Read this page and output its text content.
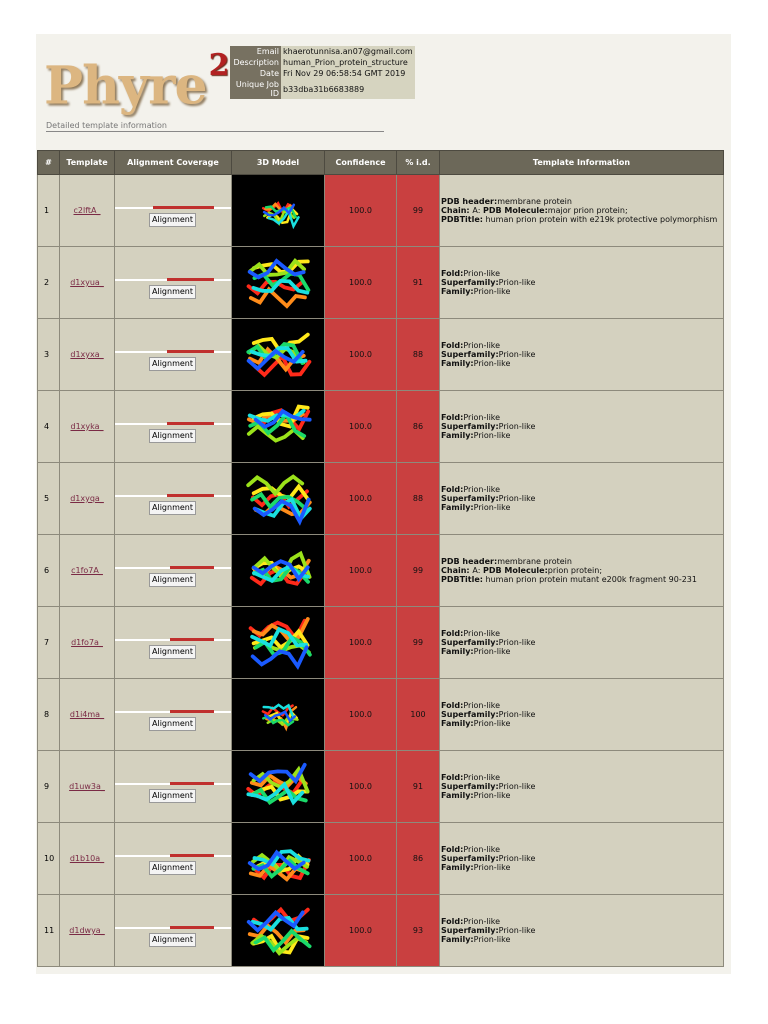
Phyre$^2$	Email	khaerotunnisa.an07@gmail.com
Description	human_Prion_protein_structure
Date	Fri Nov 29 06:58:54 GMT 2019
Unique Job ID	b33dba31b6683889
Detailed template information
#	Template	Alignment Coverage	3D Model	Confidence	% i.d.	Template Information
1	c2lftA_	Alignment		100.0	99	PDB header:membrane protein
Chain: A: PDB Molecule:major prion protein;
PDBTitle: human prion protein with e219k protective polymorphism

2	d1xyua_	Alignment		100.0	91	Fold:Prion-like
Superfamily:Prion-like
Family:Prion-like

3	d1xyxa_	Alignment		100.0	88	Fold:Prion-like
Superfamily:Prion-like
Family:Prion-like

4	d1xyka_	Alignment		100.0	86	Fold:Prion-like
Superfamily:Prion-like
Family:Prion-like

5	d1xyqa_	Alignment		100.0	88	Fold:Prion-like
Superfamily:Prion-like
Family:Prion-like

6	c1fo7A_	Alignment		100.0	99	PDB header:membrane protein
Chain: A: PDB Molecule:prion protein;
PDBTitle: human prion protein mutant e200k fragment 90-231

7	d1fo7a_	Alignment		100.0	99	Fold:Prion-like
Superfamily:Prion-like
Family:Prion-like

8	d1i4ma_	Alignment		100.0	100	Fold:Prion-like
Superfamily:Prion-like
Family:Prion-like

9	d1uw3a_	Alignment		100.0	91	Fold:Prion-like
Superfamily:Prion-like
Family:Prion-like

10	d1b10a_	Alignment		100.0	86	Fold:Prion-like
Superfamily:Prion-like
Family:Prion-like

11	d1dwya_	Alignment		100.0	93	Fold:Prion-like
Superfamily:Prion-like
Family:Prion-like
